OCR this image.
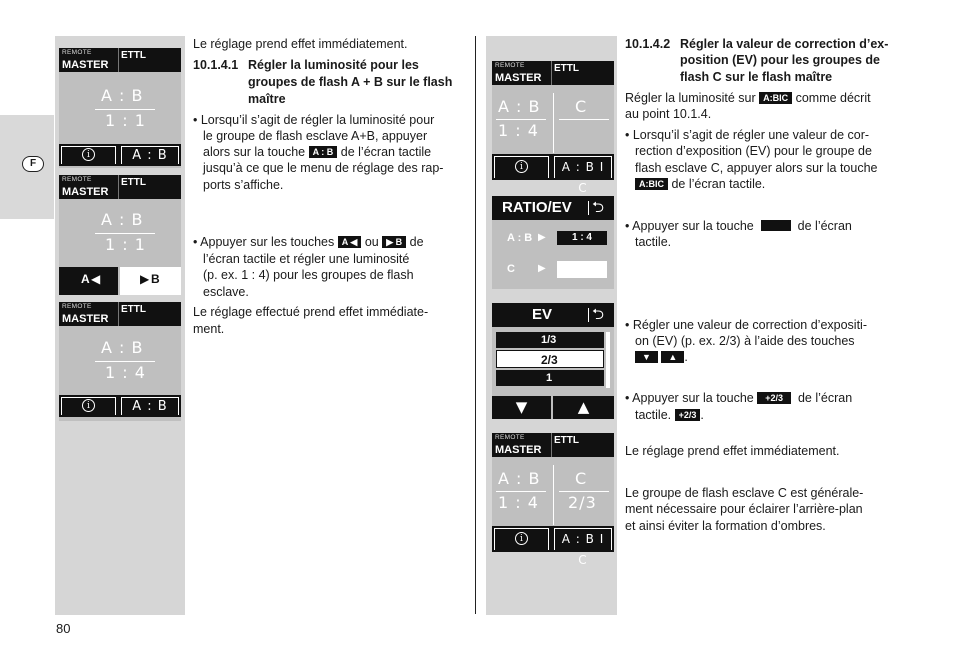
F
REMOTE
MASTER
ETTL
A : B
1 : 1
i	A : B
REMOTE
MASTER
ETTL
A : B
1 : 1
A ◀	▶ B
REMOTE
MASTER
ETTL
A : B
1 : 4
i	A : B
REMOTE
MASTER
ETTL
A : B
1 : 4
C
i	A : B I C
RATIO/EV ⮌
A : B ▶	1 : 4
C ▶
EV	⮌
1/3
2/3
1
▼	▲
REMOTE
MASTER
ETTL
A : B
1 : 4
C
2/3
i	A : B I C
Le réglage prend effet immédiatement.
10.1.4.1 Régler la luminosité pour les
groupes de flash A + B sur le flash
maître
• Lorsqu’il s’agit de régler la luminosité pour
le groupe de flash esclave A+B, appuyer
alors sur la touche A : B de l’écran tactile
jusqu’à ce que le menu de réglage des rap-
ports s’affiche.
• Appuyer sur les touches A ◀ ou ▶ B de
l’écran tactile et régler une luminosité
(p. ex. 1 : 4) pour les groupes de flash
esclave.
Le réglage effectué prend effet immédiate-
ment.
10.1.4.2 Régler la valeur de correction d’ex-
position (EV) pour les groupes de
flash C sur le flash maître
Régler la luminosité sur A:BIC comme décrit
au point 10.1.4.
• Lorsqu’il s’agit de régler une valeur de cor-
rection d’exposition (EV) pour le groupe de
flash esclave C, appuyer alors sur la touche
A:BIC de l’écran tactile.
• Appuyer sur la touche	de l’écran
tactile.
• Régler une valeur de correction d’expositi-
on (EV) (p. ex. 2/3) à l’aide des touches
▼ ▲ .
• Appuyer sur la touche +2/3 de l’écran
tactile. +2/3 .
Le réglage prend effet immédiatement.
Le groupe de flash esclave C est générale-
ment nécessaire pour éclairer l’arrière-plan
et ainsi éviter la formation d’ombres.
80
